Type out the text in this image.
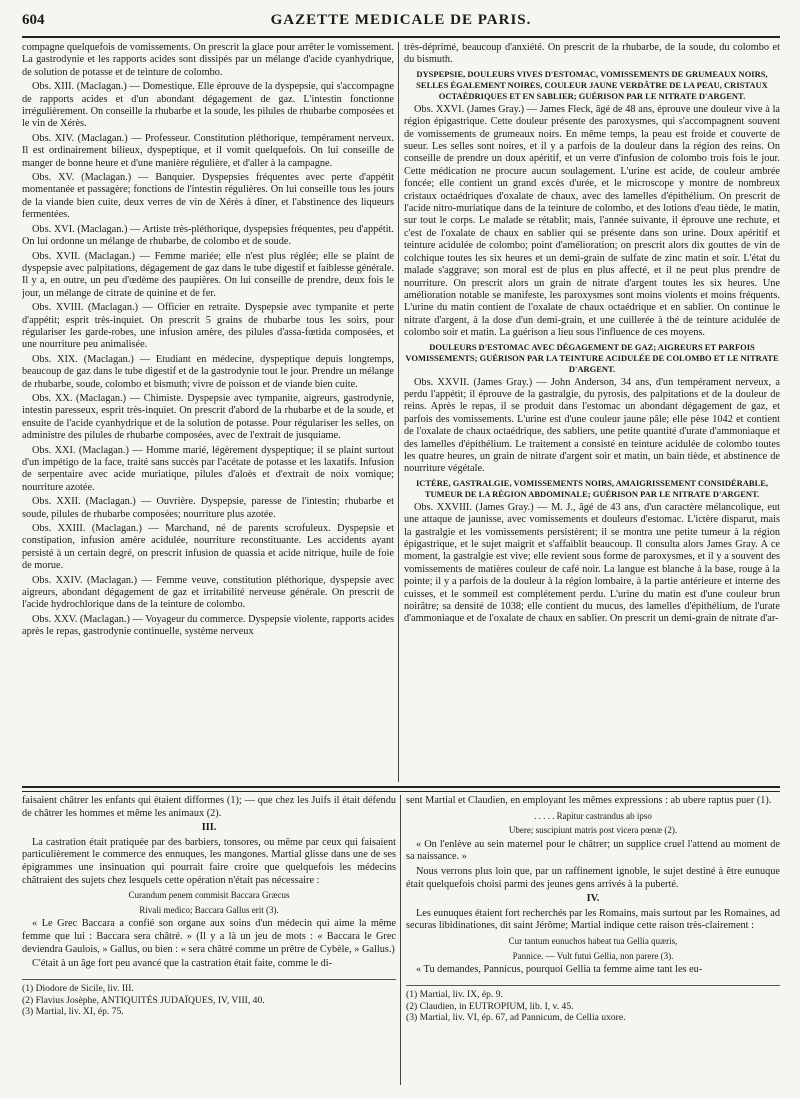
604	GAZETTE MEDICALE DE PARIS.

compagne quelquefois de vomissements. On prescrit la glace pour arrêter le vomissement. La gastrodynie et les rapports acides sont dissipés par un mélange d'acide cyanhydrique, de solution de potasse et de teinture de colombo.

Obs. XIII. (Maclagan.) — Domestique. Elle éprouve de la dyspepsie, qui s'accompagne de rapports acides et d'un abondant dégagement de gaz. L'intestin fonctionne irrégulièrement. On conseille la rhubarbe et la soude, les pilules de rhubarbe composées et le vin de Xérès.

Obs. XIV. (Maclagan.) — Professeur. Constitution pléthorique, tempérament nerveux. Il est ordinairement bilieux, dyspeptique, et il vomit quelquefois. On lui conseille de manger de bonne heure et d'une manière régulière, et d'aller à la campagne.

Obs. XV. (Maclagan.) — Banquier. Dyspepsies fréquentes avec perte d'appétit momentanée et passagère; fonctions de l'intestin régulières. On lui conseille tous les jours de la viande bien cuite, deux verres de vin de Xérès à dîner, et l'abstinence des liqueurs fermentées.

Obs. XVI. (Maclagan.) — Artiste très-pléthorique, dyspepsies fréquentes, peu d'appétit. On lui ordonne un mélange de rhubarbe, de colombo et de soude.

Obs. XVII. (Maclagan.) — Femme mariée; elle n'est plus réglée; elle se plaint de dyspepsie avec palpitations, dégagement de gaz dans le tube digestif et faiblesse générale. Il y a, en outre, un peu d'œdème des paupières. On lui conseille de prendre, deux fois le jour, un mélange de citrate de quinine et de fer.

Obs. XVIII. (Maclagan.) — Officier en retraite. Dyspepsie avec tympanite et perte d'appétit; esprit très-inquiet. On prescrit 5 grains de rhubarbe tous les soirs, pour régulariser les garde-robes, une infusion amère, des pilules d'assa-fœtida composées, et une nourriture peu animalisée.

Obs. XIX. (Maclagan.) — Etudiant en médecine, dyspeptique depuis longtemps, beaucoup de gaz dans le tube digestif et de la gastrodynie tout le jour. Prendre un mélange de rhubarbe, soude, colombo et bismuth; vivre de poisson et de viande bien cuite.

Obs. XX. (Maclagan.) — Chimiste. Dyspepsie avec tympanite, aigreurs, gastrodynie, intestin paresseux, esprit très-inquiet. On prescrit d'abord de la rhubarbe et de la soude, et ensuite de l'acide cyanhydrique et de la solution de potasse. Pour régulariser les selles, on administre des pilules de rhubarbe composées, avec de l'extrait de jusquiame.

Obs. XXI. (Maclagan.) — Homme marié, légèrement dyspeptique; il se plaint surtout d'un impétigo de la face, traité sans succès par l'acétate de potasse et les laxatifs. Infusion de serpentaire avec acide muriatique, pilules d'aloès et d'extrait de noix vomique; nourriture azotée.

Obs. XXII. (Maclagan.) — Ouvrière. Dyspepsie, paresse de l'intestin; rhubarbe et soude, pilules de rhubarbe composées; nourriture plus azotée.

Obs. XXIII. (Maclagan.) — Marchand, né de parents scrofuleux. Dyspepsie et constipation, infusion amère acidulée, nourriture reconstituante. Les accidents ayant persisté à un certain degré, on prescrit infusion de quassia et acide nitrique, huile de foie de morue.

Obs. XXIV. (Maclagan.) — Femme veuve, constitution pléthorique, dyspepsie avec aigreurs, abondant dégagement de gaz et irritabilité nerveuse générale. On prescrit de l'acide hydrochlorique dans de la teinture de colombo.

Obs. XXV. (Maclagan.) — Voyageur du commerce. Dyspepsie violente, rapports acides après le repas, gastrodynie continuelle, système nerveux

très-déprimé, beaucoup d'anxiété. On prescrit de la rhubarbe, de la soude, du colombo et du bismuth.

DYSPEPSIE, DOULEURS VIVES D'ESTOMAC, VOMISSEMENTS DE GRUMEAUX NOIRS, SELLES ÉGALEMENT NOIRES, COULEUR JAUNE VERDÂTRE DE LA PEAU, CRISTAUX OCTAÉDRIQUES ET EN SABLIER; GUÉRISON PAR LE NITRATE D'ARGENT.

Obs. XXVI. (James Gray.) — James Fleck, âgé de 48 ans, éprouve une douleur vive à la région épigastrique. Cette douleur présente des paroxysmes, qui s'accompagnent souvent de vomissements de grumeaux noirs. En même temps, la peau est froide et couverte de sueur. Les selles sont noires, et il y a parfois de la douleur dans la région des reins. On conseille de prendre un doux apéritif, et un verre d'infusion de colombo trois fois le jour. Cette médication ne procure aucun soulagement. L'urine est acide, de couleur ambrée foncée; elle contient un grand excès d'urée, et le microscope y montre de nombreux cristaux octaédriques d'oxalate de chaux, avec des lamelles d'épithélium. On prescrit de l'acide nitro-muriatique dans de la teinture de colombo, et des lotions d'eau tiède, le matin, sur tout le corps. Le malade se rétablit; mais, l'année suivante, il éprouve une rechute, et c'est de l'oxalate de chaux en sablier qui se présente dans son urine. Doux apéritif et teinture acidulée de colombo; point d'amélioration; on prescrit alors dix gouttes de vin de colchique toutes les six heures et un demi-grain de sulfate de zinc matin et soir. L'état du malade s'aggrave; son moral est de plus en plus affecté, et il ne peut plus prendre de nourriture. On prescrit alors un grain de nitrate d'argent toutes les six heures. Une amélioration notable se manifeste, les paroxysmes sont moins violents et moins fréquents. L'urine du matin contient de l'oxalate de chaux octaédrique et en sablier. On continue le nitrate d'argent, à la dose d'un demi-grain, et une cuillerée à thé de teinture acidulée de colombo soir et matin. La guérison a lieu sous l'influence de ces moyens.

DOULEURS D'ESTOMAC AVEC DÉGAGEMENT DE GAZ; AIGREURS ET PARFOIS VOMISSEMENTS; GUÉRISON PAR LA TEINTURE ACIDULÉE DE COLOMBO ET LE NITRATE D'ARGENT.

Obs. XXVII. (James Gray.) — John Anderson, 34 ans, d'un tempérament nerveux, a perdu l'appétit; il éprouve de la gastralgie, du pyrosis, des palpitations et de la douleur de reins. Après le repas, il se produit dans l'estomac un abondant dégagement de gaz, et parfois des vomissements. L'urine est d'une couleur jaune pâle; elle pèse 1042 et contient de l'oxalate de chaux octaédrique, des sabliers, une petite quantité d'urate d'ammoniaque et des lamelles d'épithélium. Le traitement a consisté en teinture acidulée de colombo toutes les quatre heures, un grain de nitrate d'argent soir et matin, un bain tiède, et abstinence de nourriture végétale.

ICTÈRE, GASTRALGIE, VOMISSEMENTS NOIRS, AMAIGRISSEMENT CONSIDÉRABLE, TUMEUR DE LA RÉGION ABDOMINALE; GUÉRISON PAR LE NITRATE D'ARGENT.

Obs. XXVIII. (James Gray.) — M. J., âgé de 43 ans, d'un caractère mélancolique, eut une attaque de jaunisse, avec vomissements et douleurs d'estomac. L'ictère disparut, mais la gastralgie et les vomissements persistèrent; il se montra une petite tumeur à la région épigastrique, et le sujet maigrit et s'affaiblit beaucoup. Il consulta alors James Gray. A ce moment, la gastralgie est vive; elle revient sous forme de paroxysmes, et il y a souvent des vomissements de matières couleur de café noir. La langue est blanche à la base, rouge à la pointe; il y a parfois de la douleur à la région lombaire, à la partie antérieure et interne des cuisses, et le sommeil est complétement perdu. L'urine du matin est d'une couleur brun noirâtre; sa densité de 1038; elle contient du mucus, des lamelles d'épithélium, de l'urate d'ammoniaque et de l'oxalate de chaux en sablier. On prescrit un demi-grain de nitrate d'ar-

faisaient châtrer les enfants qui étaient difformes (1); — que chez les Juifs il était défendu de châtrer les hommes et même les animaux (2).

III.

La castration était pratiquée par des barbiers, tonsores, ou même par ceux qui faisaient particulièrement le commerce des ennuques, les mangones. Martial glisse dans une de ses épigrammes une insinuation qui pourrait faire croire que quelquefois les médecins châtraient des sujets chez lesquels cette opération n'était pas nécessaire :

Curandum penem commisit Baccara Græcus

Rivali medico; Baccara Gallus erit (3).

« Le Grec Baccara a confié son organe aux soins d'un médecin qui aime la même femme que lui : Baccara sera châtré. » (Il y a là un jeu de mots : « Baccara le Grec deviendra Gaulois, » Gallus, ou bien : « sera châtré comme un prêtre de Cybèle, » Gallus.)

C'était à un âge fort peu avancé que la castration était faite, comme le di-

(1) Diodore de Sicile, liv. III.
(2) Flavius Josèphe, ANTIQUITÉS JUDAÏQUES, IV, VIII, 40.
(3) Martial, liv. XI, ép. 75.

sent Martial et Claudien, en employant les mêmes expressions : ab ubere raptus puer (1).

. . . . . Rapitur castrandus ab ipso

Ubere; suscipiunt matris post vicera pœnæ (2).

« On l'enlève au sein maternel pour le châtrer; un supplice cruel l'attend au moment de sa naissance. »

Nous verrons plus loin que, par un raffinement ignoble, le sujet destiné à être eunuque était quelquefois choisi parmi des jeunes gens arrivés à la puberté.

IV.

Les eunuques étaient fort recherchés par les Romains, mais surtout par les Romaines, ad securas libidinationes, dit saint Jérôme; Martial indique cette raison très-clairement :

Cur tantum eunuchos habeat tua Gellia quæris,

Pannice. — Vult futui Gellia, non parere (3).

« Tu demandes, Pannicus, pourquoi Gellia ta femme aime tant les eu-

(1) Martial, liv. IX, ép. 9.
(2) Claudien, in EUTROPIUM, lib. I, v. 45.
(3) Martial, liv. VI, ép. 67, ad Pannicum, de Cellia uxore.
